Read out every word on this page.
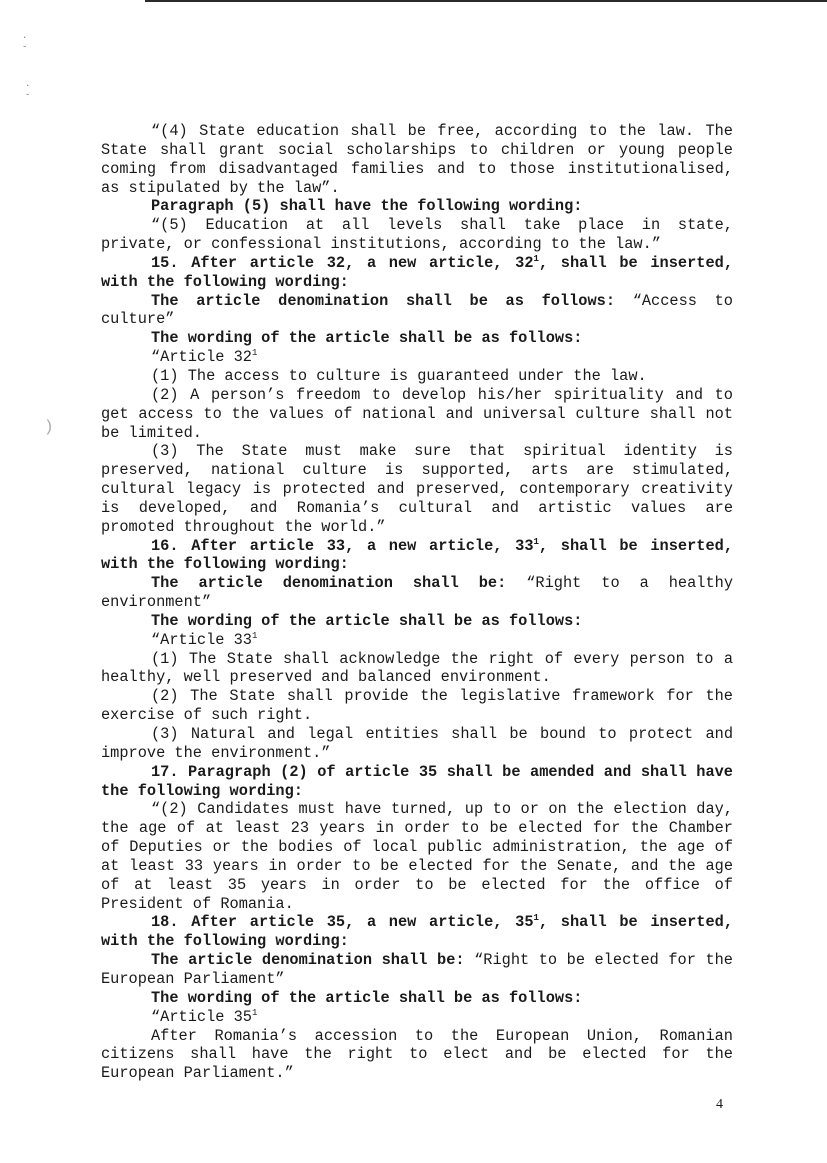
·
-
·
-
)

“(4) State education shall be free, according to the law. The State shall grant social scholarships to children or young people coming from disadvantaged families and to those institutionalised, as stipulated by the law”.

Paragraph (5) shall have the following wording:

“(5) Education at all levels shall take place in state, private, or confessional institutions, according to the law.”

15. After article 32, a new article, $32^1$, shall be inserted, with the following wording:

The article denomination shall be as follows: “Access to culture”

The wording of the article shall be as follows:

“Article $32^1$

(1) The access to culture is guaranteed under the law.

(2) A person’s freedom to develop his/her spirituality and to get access to the values of national and universal culture shall not be limited.

(3) The State must make sure that spiritual identity is preserved, national culture is supported, arts are stimulated, cultural legacy is protected and preserved, contemporary creativity is developed, and Romania’s cultural and artistic values are promoted throughout the world.”

16. After article 33, a new article, $33^1$, shall be inserted, with the following wording:

The article denomination shall be: “Right to a healthy environment”

The wording of the article shall be as follows:

“Article $33^1$

(1) The State shall acknowledge the right of every person to a healthy, well preserved and balanced environment.

(2) The State shall provide the legislative framework for the exercise of such right.

(3) Natural and legal entities shall be bound to protect and improve the environment.”

17. Paragraph (2) of article 35 shall be amended and shall have the following wording:

“(2) Candidates must have turned, up to or on the election day, the age of at least 23 years in order to be elected for the Chamber of Deputies or the bodies of local public administration, the age of at least 33 years in order to be elected for the Senate, and the age of at least 35 years in order to be elected for the office of President of Romania.

18. After article 35, a new article, $35^1$, shall be inserted, with the following wording:

The article denomination shall be: “Right to be elected for the European Parliament”

The wording of the article shall be as follows:

“Article $35^1$

After Romania’s accession to the European Union, Romanian citizens shall have the right to elect and be elected for the European Parliament.”

4
